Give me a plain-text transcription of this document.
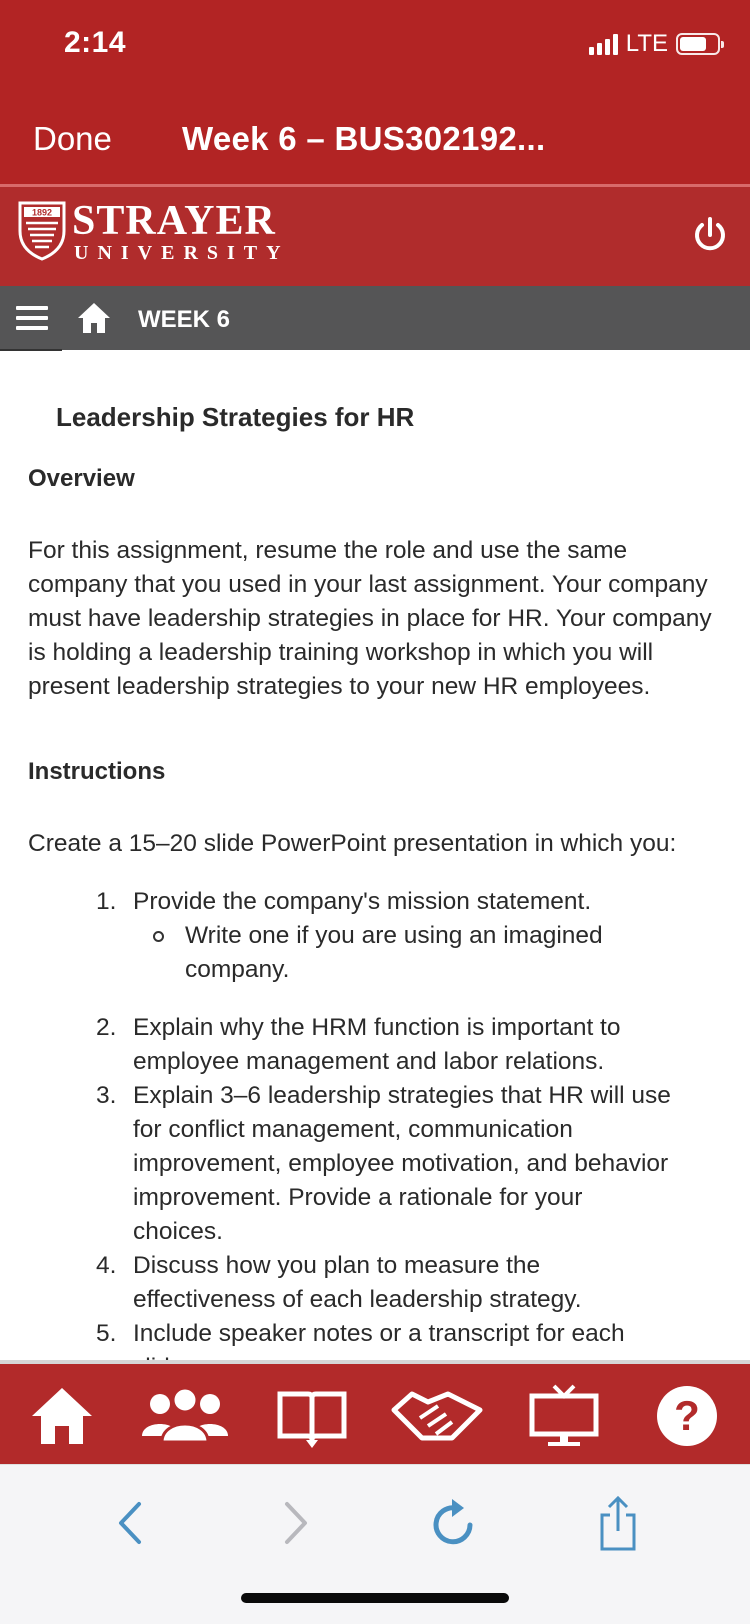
2:14	LTE
Done Week 6 – BUS302192...
1892 STRAYER
UNIVERSITY
WEEK 6
Leadership Strategies for HR
Overview
For this assignment, resume the role and use the same company that you used in your last assignment. Your company must have leadership strategies in place for HR. Your company is holding a leadership training workshop in which you will present leadership strategies to your new HR employees.
Instructions
Create a 15–20 slide PowerPoint presentation in which you:
1. Provide the company's mission statement.
Write one if you are using an imagined company.
2. Explain why the HRM function is important to employee management and labor relations.
3. Explain 3–6 leadership strategies that HR will use for conflict management, communication improvement, employee motivation, and behavior improvement. Provide a rationale for your choices.
4. Discuss how you plan to measure the effectiveness of each leadership strategy.
5. Include speaker notes or a transcript for each
?
